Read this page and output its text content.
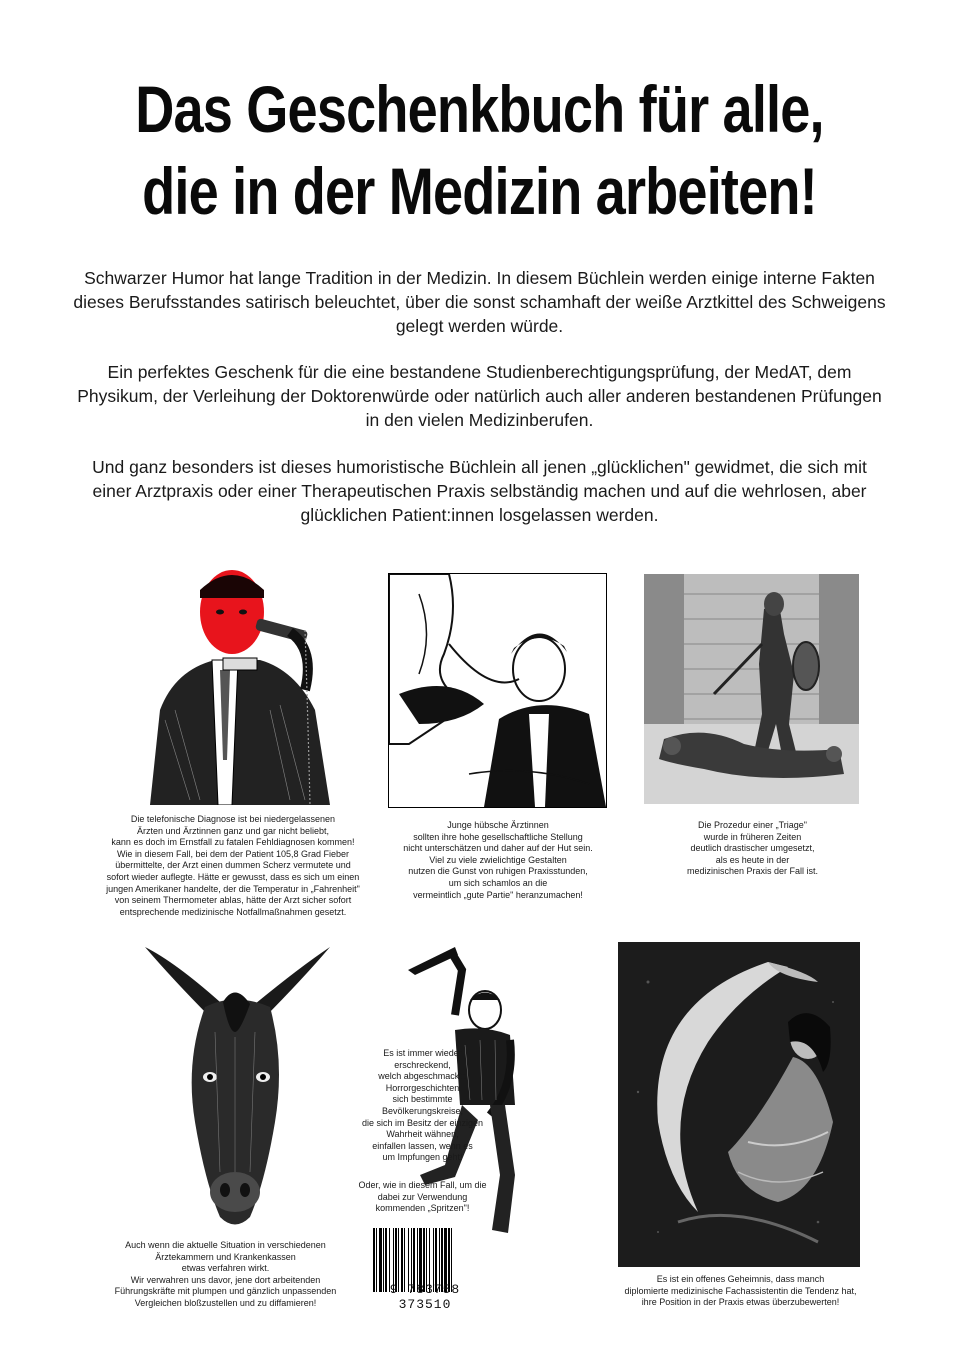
Das Geschenkbuch für alle,
die in der Medizin arbeiten!
Schwarzer Humor hat lange Tradition in der Medizin. In diesem Büchlein werden einige interne Fakten
dieses Berufsstandes satirisch beleuchtet, über die sonst schamhaft der weiße Arztkittel des Schweigens
gelegt werden würde.
Ein perfektes Geschenk für die eine bestandene Studienberechtigungsprüfung, der MedAT, dem
Physikum, der Verleihung der Doktorenwürde oder natürlich auch aller anderen bestandenen Prüfungen
in den vielen Medizinberufen.
Und ganz besonders ist dieses humoristische Büchlein all jenen „glücklichen" gewidmet, die sich mit
einer Arztpraxis oder einer Therapeutischen Praxis selbständig machen und auf die wehrlosen, aber
glücklichen Patient:innen losgelassen werden.
Die telefonische Diagnose ist bei niedergelassenen
Ärzten und Ärztinnen ganz und gar nicht beliebt,
kann es doch im Ernstfall zu fatalen Fehldiagnosen kommen!
Wie in diesem Fall, bei dem der Patient 105,8 Grad Fieber
übermittelte, der Arzt einen dummen Scherz vermutete und
sofort wieder auflegte. Hätte er gewusst, dass es sich um einen
jungen Amerikaner handelte, der die Temperatur in „Fahrenheit"
von seinem Thermometer ablas, hätte der Arzt sicher sofort
entsprechende medizinische Notfallmaßnahmen gesetzt.
Junge hübsche Ärztinnen
sollten ihre hohe gesellschaftliche Stellung
nicht unterschätzen und daher auf der Hut sein.
Viel zu viele zwielichtige Gestalten
nutzen die Gunst von ruhigen Praxisstunden,
um sich schamlos an die
vermeintlich „gute Partie" heranzumachen!
Die Prozedur einer „Triage"
wurde in früheren Zeiten
deutlich drastischer umgesetzt,
als es heute in der
medizinischen Praxis der Fall ist.
Auch wenn die aktuelle Situation in verschiedenen
Ärztekammern und Krankenkassen
etwas verfahren wirkt.
Wir verwahren uns davor, jene dort arbeitenden
Führungskräfte mit plumpen und gänzlich unpassenden
Vergleichen bloßzustellen und zu diffamieren!
Es ist immer wieder
erschreckend,
welch abgeschmackte
Horrorgeschichten
sich bestimmte
Bevölkerungskreise,
die sich im Besitz der einzigen
Wahrheit wähnen,
einfallen lassen, wenn es
um Impfungen geht!
Oder, wie in diesem Fall, um die
dabei zur Verwendung
kommenden „Spritzen"!
9 783758 373510
Es ist ein offenes Geheimnis, dass manch
diplomierte medizinische Fachassistentin die Tendenz hat,
ihre Position in der Praxis etwas überzubewerten!
